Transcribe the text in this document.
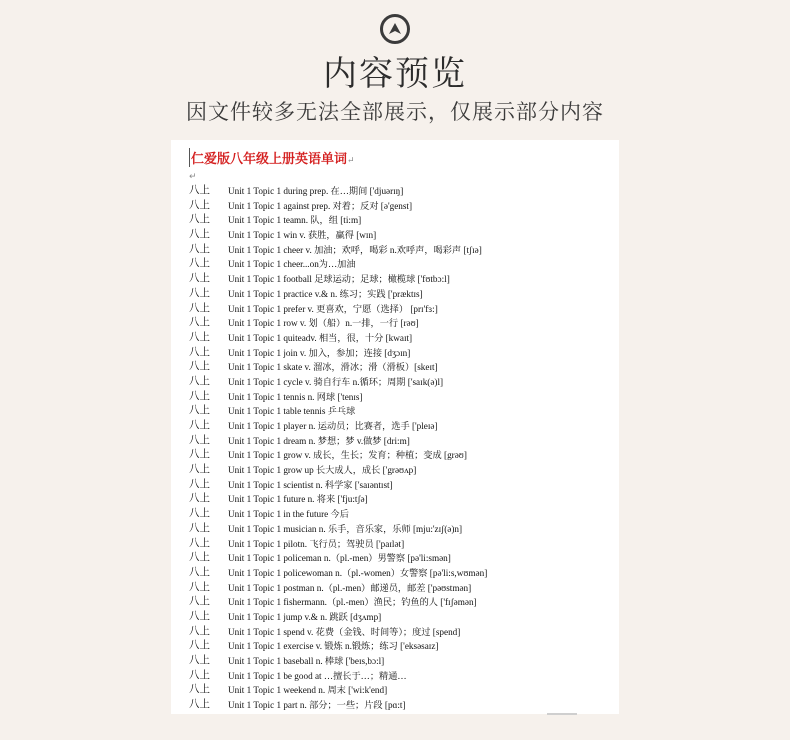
内容预览
因文件较多无法全部展示，仅展示部分内容
仁爱版八年级上册英语单词↵
↵
八上	Unit 1 Topic 1 during prep. 在…期间 ['djuərɪŋ]
八上	Unit 1 Topic 1 against prep. 对着；反对 [ə'genst]
八上	Unit 1 Topic 1 teamn. 队，组 [ti:m]
八上	Unit 1 Topic 1 win v. 获胜，赢得 [wɪn]
八上	Unit 1 Topic 1 cheer v. 加油；欢呼，喝彩 n.欢呼声，喝彩声 [tʃɪə]
八上	Unit 1 Topic 1 cheer...on为…加油
八上	Unit 1 Topic 1 football 足球运动；足球；橄榄球 ['fʊtbɔ:l]
八上	Unit 1 Topic 1 practice v.& n. 练习；实践 ['præktɪs]
八上	Unit 1 Topic 1 prefer v. 更喜欢，宁愿（选择） [prɪ'fɜ:]
八上	Unit 1 Topic 1 row v. 划（船）n.一排，一行 [rəʊ]
八上	Unit 1 Topic 1 quiteadv. 相当，很，十分 [kwaɪt]
八上	Unit 1 Topic 1 join v. 加入，参加；连接 [dʒɔɪn]
八上	Unit 1 Topic 1 skate v. 溜冰，滑冰；滑（滑板）[skeɪt]
八上	Unit 1 Topic 1 cycle v. 骑自行车 n.循环；周期 ['saɪk(ə)l]
八上	Unit 1 Topic 1 tennis n. 网球 ['tenɪs]
八上	Unit 1 Topic 1 table tennis 乒乓球
八上	Unit 1 Topic 1 player n. 运动员；比赛者，选手 ['pleɪə]
八上	Unit 1 Topic 1 dream n. 梦想；梦 v.做梦 [dri:m]
八上	Unit 1 Topic 1 grow v. 成长，生长；发育；种植；变成 [grəʊ]
八上	Unit 1 Topic 1 grow up 长大成人，成长 ['grəʊʌp]
八上	Unit 1 Topic 1 scientist n. 科学家 ['saɪəntɪst]
八上	Unit 1 Topic 1 future n. 将来 ['fju:tʃə]
八上	Unit 1 Topic 1 in the future 今后
八上	Unit 1 Topic 1 musician n. 乐手，音乐家，乐师 [mju:'zɪʃ(ə)n]
八上	Unit 1 Topic 1 pilotn. 飞行员；驾驶员 ['paɪlət]
八上	Unit 1 Topic 1 policeman n.（pl.-men）男警察 [pə'li:smən]
八上	Unit 1 Topic 1 policewoman n.（pl.-women）女警察 [pə'li:s,wʊmən]
八上	Unit 1 Topic 1 postman n.（pl.-men）邮递员，邮差 ['pəʊstmən]
八上	Unit 1 Topic 1 fishermann.（pl.-men）渔民；钓鱼的人 ['fɪʃəmən]
八上	Unit 1 Topic 1 jump v.& n. 跳跃 [dʒʌmp]
八上	Unit 1 Topic 1 spend v. 花费（金钱、时间等）；度过 [spend]
八上	Unit 1 Topic 1 exercise v. 锻炼 n.锻炼；练习 ['eksəsaɪz]
八上	Unit 1 Topic 1 baseball n. 棒球 ['beɪs,bɔ:l]
八上	Unit 1 Topic 1 be good at …擅长于…；精通…
八上	Unit 1 Topic 1 weekend n. 周末 ['wi:k'end]
八上	Unit 1 Topic 1 part n. 部分；一些；片段 [pɑ:t]
